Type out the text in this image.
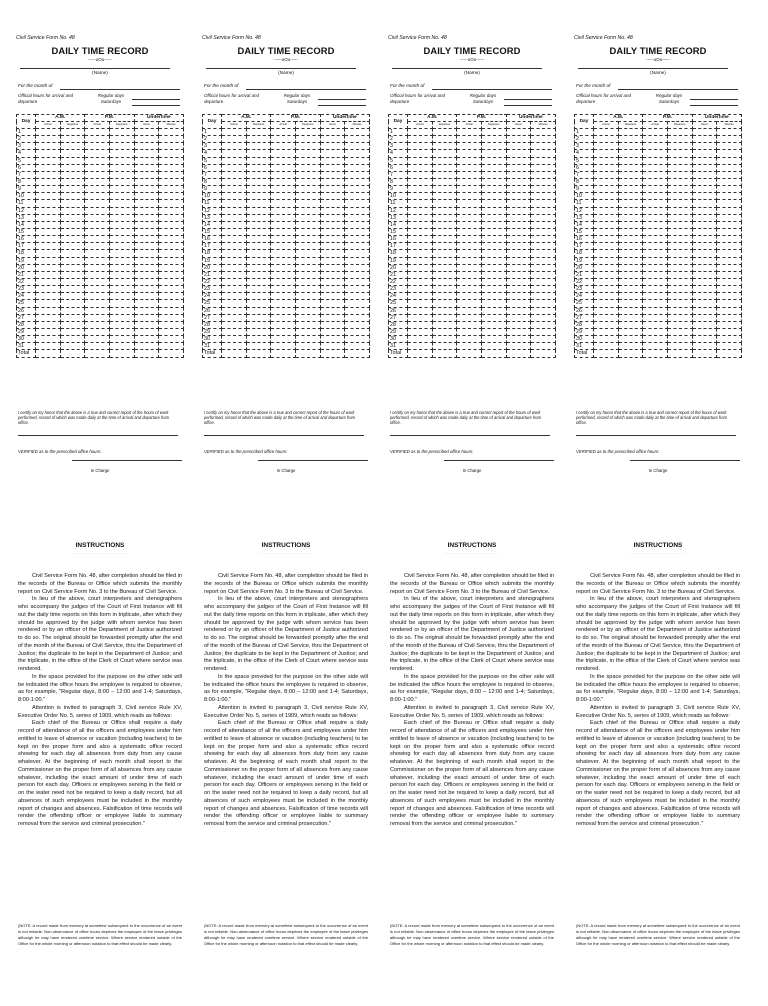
Civil Service Form No. 48
DAILY TIME RECORD
-----oOo-----
(Name)
For the month of
Official hours for arrival and departure
Regular days
Saturdays
Day	A.M.		P.M.		Undertime	
	Arrival	Departure	Arrival	Departure	Hours	Minutes
1						
2						
3						
4						
5						
6						
7						
8						
9						
10						
11						
12						
13						
14						
15						
16						
17						
18						
19						
20						
21						
22						
23						
24						
25						
26						
27						
28						
29						
30						
31						
Total						
I certify on my honor that the above is a true and correct report of the hours of work performed, record of which was made daily at the time of arrival and departure from office.
VERIFIED as to the prescribed office hours:
In Charge
INSTRUCTIONS
......................................

Civil Service Form No. 48, after completion should be filed in the records of the Bureau or Office which submits the monthly report on Civil Service Form No. 3 to the Bureau of Civil Service.

In lieu of the above, court interpreters and stenographers who accompany the judges of the Court of First Instance will fill out the daily time reports on this form in triplicate, after which they should be approved by the judge with whom service has been rendered or by an officer of the Department of Justice authorized to do so. The original should be forwarded promptly after the end of the month of the Bureau of Civil Service, thru the Department of Justice; the duplicate to be kept in the Department of Justice; and the triplicate, in the office of the Clerk of Court where service was rendered.

In the space provided for the purpose on the other side will be indicated the office hours the employee is required to observe, as for example, "Regular days, 8:00 – 12:00 and 1-4; Saturdays, 8:00-1:00."

Attention is invited to paragraph 3, Civil service Rule XV, Executive Order No. 5, series of 1909, which reads as follows:

Each chief of the Bureau or Office shall require a daily record of attendance of all the officers and employees under him entitled to leave of absence or vacation (including teachers) to be kept on the proper form and also a systematic office record showing for each day all absences from duty from any cause whatever. At the beginning of each month shall report to the Commissioner on the proper form of all absences from any cause whatever, including the exact amount of under time of each person for each day. Officers or employees serving in the field or on the water need not be required to keep a daily record, but all absences of such employees must be included in the monthly report of changes and absences. Falsification of time records will render the offending officer or employee liable to summary removal from the service and criminal prosecution."

(NOTE: A record made from memory at sometime subsequent to the occurrence of an event is not reliable. Non-observance of office hours deprives the employee of the leave privileges although he may have rendered overtime service. Where service rendered outside of the Office for the whole morning or afternoon notation to that effect should be made clearly.
Civil Service Form No. 48
DAILY TIME RECORD
-----oOo-----
(Name)
For the month of
Official hours for arrival and departure
Regular days
Saturdays
Day	A.M.		P.M.		Undertime	
	Arrival	Departure	Arrival	Departure	Hours	Minutes
1						
2						
3						
4						
5						
6						
7						
8						
9						
10						
11						
12						
13						
14						
15						
16						
17						
18						
19						
20						
21						
22						
23						
24						
25						
26						
27						
28						
29						
30						
31						
Total						
I certify on my honor that the above is a true and correct report of the hours of work performed, record of which was made daily at the time of arrival and departure from office.
VERIFIED as to the prescribed office hours:
In Charge
INSTRUCTIONS
......................................

Civil Service Form No. 48, after completion should be filed in the records of the Bureau or Office which submits the monthly report on Civil Service Form No. 3 to the Bureau of Civil Service.

In lieu of the above, court interpreters and stenographers who accompany the judges of the Court of First Instance will fill out the daily time reports on this form in triplicate, after which they should be approved by the judge with whom service has been rendered or by an officer of the Department of Justice authorized to do so. The original should be forwarded promptly after the end of the month of the Bureau of Civil Service, thru the Department of Justice; the duplicate to be kept in the Department of Justice; and the triplicate, in the office of the Clerk of Court where service was rendered.

In the space provided for the purpose on the other side will be indicated the office hours the employee is required to observe, as for example, "Regular days, 8:00 – 12:00 and 1-4; Saturdays, 8:00-1:00."

Attention is invited to paragraph 3, Civil service Rule XV, Executive Order No. 5, series of 1909, which reads as follows:

Each chief of the Bureau or Office shall require a daily record of attendance of all the officers and employees under him entitled to leave of absence or vacation (including teachers) to be kept on the proper form and also a systematic office record showing for each day all absences from duty from any cause whatever. At the beginning of each month shall report to the Commissioner on the proper form of all absences from any cause whatever, including the exact amount of under time of each person for each day. Officers or employees serving in the field or on the water need not be required to keep a daily record, but all absences of such employees must be included in the monthly report of changes and absences. Falsification of time records will render the offending officer or employee liable to summary removal from the service and criminal prosecution."

(NOTE: A record made from memory at sometime subsequent to the occurrence of an event is not reliable. Non-observance of office hours deprives the employee of the leave privileges although he may have rendered overtime service. Where service rendered outside of the Office for the whole morning or afternoon notation to that effect should be made clearly.
Civil Service Form No. 48
DAILY TIME RECORD
-----oOo-----
(Name)
For the month of
Official hours for arrival and departure
Regular days
Saturdays
Day	A.M.		P.M.		Undertime	
	Arrival	Departure	Arrival	Departure	Hours	Minutes
1						
2						
3						
4						
5						
6						
7						
8						
9						
10						
11						
12						
13						
14						
15						
16						
17						
18						
19						
20						
21						
22						
23						
24						
25						
26						
27						
28						
29						
30						
31						
Total						
I certify on my honor that the above is a true and correct report of the hours of work performed, record of which was made daily at the time of arrival and departure from office.
VERIFIED as to the prescribed office hours:
In Charge
INSTRUCTIONS
......................................

Civil Service Form No. 48, after completion should be filed in the records of the Bureau or Office which submits the monthly report on Civil Service Form No. 3 to the Bureau of Civil Service.

In lieu of the above, court interpreters and stenographers who accompany the judges of the Court of First Instance will fill out the daily time reports on this form in triplicate, after which they should be approved by the judge with whom service has been rendered or by an officer of the Department of Justice authorized to do so. The original should be forwarded promptly after the end of the month of the Bureau of Civil Service, thru the Department of Justice; the duplicate to be kept in the Department of Justice; and the triplicate, in the office of the Clerk of Court where service was rendered.

In the space provided for the purpose on the other side will be indicated the office hours the employee is required to observe, as for example, "Regular days, 8:00 – 12:00 and 1-4; Saturdays, 8:00-1:00."

Attention is invited to paragraph 3, Civil service Rule XV, Executive Order No. 5, series of 1909, which reads as follows:

Each chief of the Bureau or Office shall require a daily record of attendance of all the officers and employees under him entitled to leave of absence or vacation (including teachers) to be kept on the proper form and also a systematic office record showing for each day all absences from duty from any cause whatever. At the beginning of each month shall report to the Commissioner on the proper form of all absences from any cause whatever, including the exact amount of under time of each person for each day. Officers or employees serving in the field or on the water need not be required to keep a daily record, but all absences of such employees must be included in the monthly report of changes and absences. Falsification of time records will render the offending officer or employee liable to summary removal from the service and criminal prosecution."

(NOTE: A record made from memory at sometime subsequent to the occurrence of an event is not reliable. Non-observance of office hours deprives the employee of the leave privileges although he may have rendered overtime service. Where service rendered outside of the Office for the whole morning or afternoon notation to that effect should be made clearly.
Civil Service Form No. 48
DAILY TIME RECORD
-----oOo-----
(Name)
For the month of
Official hours for arrival and departure
Regular days
Saturdays
Day	A.M.		P.M.		Undertime	
	Arrival	Departure	Arrival	Departure	Hours	Minutes
1						
2						
3						
4						
5						
6						
7						
8						
9						
10						
11						
12						
13						
14						
15						
16						
17						
18						
19						
20						
21						
22						
23						
24						
25						
26						
27						
28						
29						
30						
31						
Total						
I certify on my honor that the above is a true and correct report of the hours of work performed, record of which was made daily at the time of arrival and departure from office.
VERIFIED as to the prescribed office hours:
In Charge
INSTRUCTIONS
......................................

Civil Service Form No. 48, after completion should be filed in the records of the Bureau or Office which submits the monthly report on Civil Service Form No. 3 to the Bureau of Civil Service.

In lieu of the above, court interpreters and stenographers who accompany the judges of the Court of First Instance will fill out the daily time reports on this form in triplicate, after which they should be approved by the judge with whom service has been rendered or by an officer of the Department of Justice authorized to do so. The original should be forwarded promptly after the end of the month of the Bureau of Civil Service, thru the Department of Justice; the duplicate to be kept in the Department of Justice; and the triplicate, in the office of the Clerk of Court where service was rendered.

In the space provided for the purpose on the other side will be indicated the office hours the employee is required to observe, as for example, "Regular days, 8:00 – 12:00 and 1-4; Saturdays, 8:00-1:00."

Attention is invited to paragraph 3, Civil service Rule XV, Executive Order No. 5, series of 1909, which reads as follows:

Each chief of the Bureau or Office shall require a daily record of attendance of all the officers and employees under him entitled to leave of absence or vacation (including teachers) to be kept on the proper form and also a systematic office record showing for each day all absences from duty from any cause whatever. At the beginning of each month shall report to the Commissioner on the proper form of all absences from any cause whatever, including the exact amount of under time of each person for each day. Officers or employees serving in the field or on the water need not be required to keep a daily record, but all absences of such employees must be included in the monthly report of changes and absences. Falsification of time records will render the offending officer or employee liable to summary removal from the service and criminal prosecution."

(NOTE: A record made from memory at sometime subsequent to the occurrence of an event is not reliable. Non-observance of office hours deprives the employee of the leave privileges although he may have rendered overtime service. Where service rendered outside of the Office for the whole morning or afternoon notation to that effect should be made clearly.
